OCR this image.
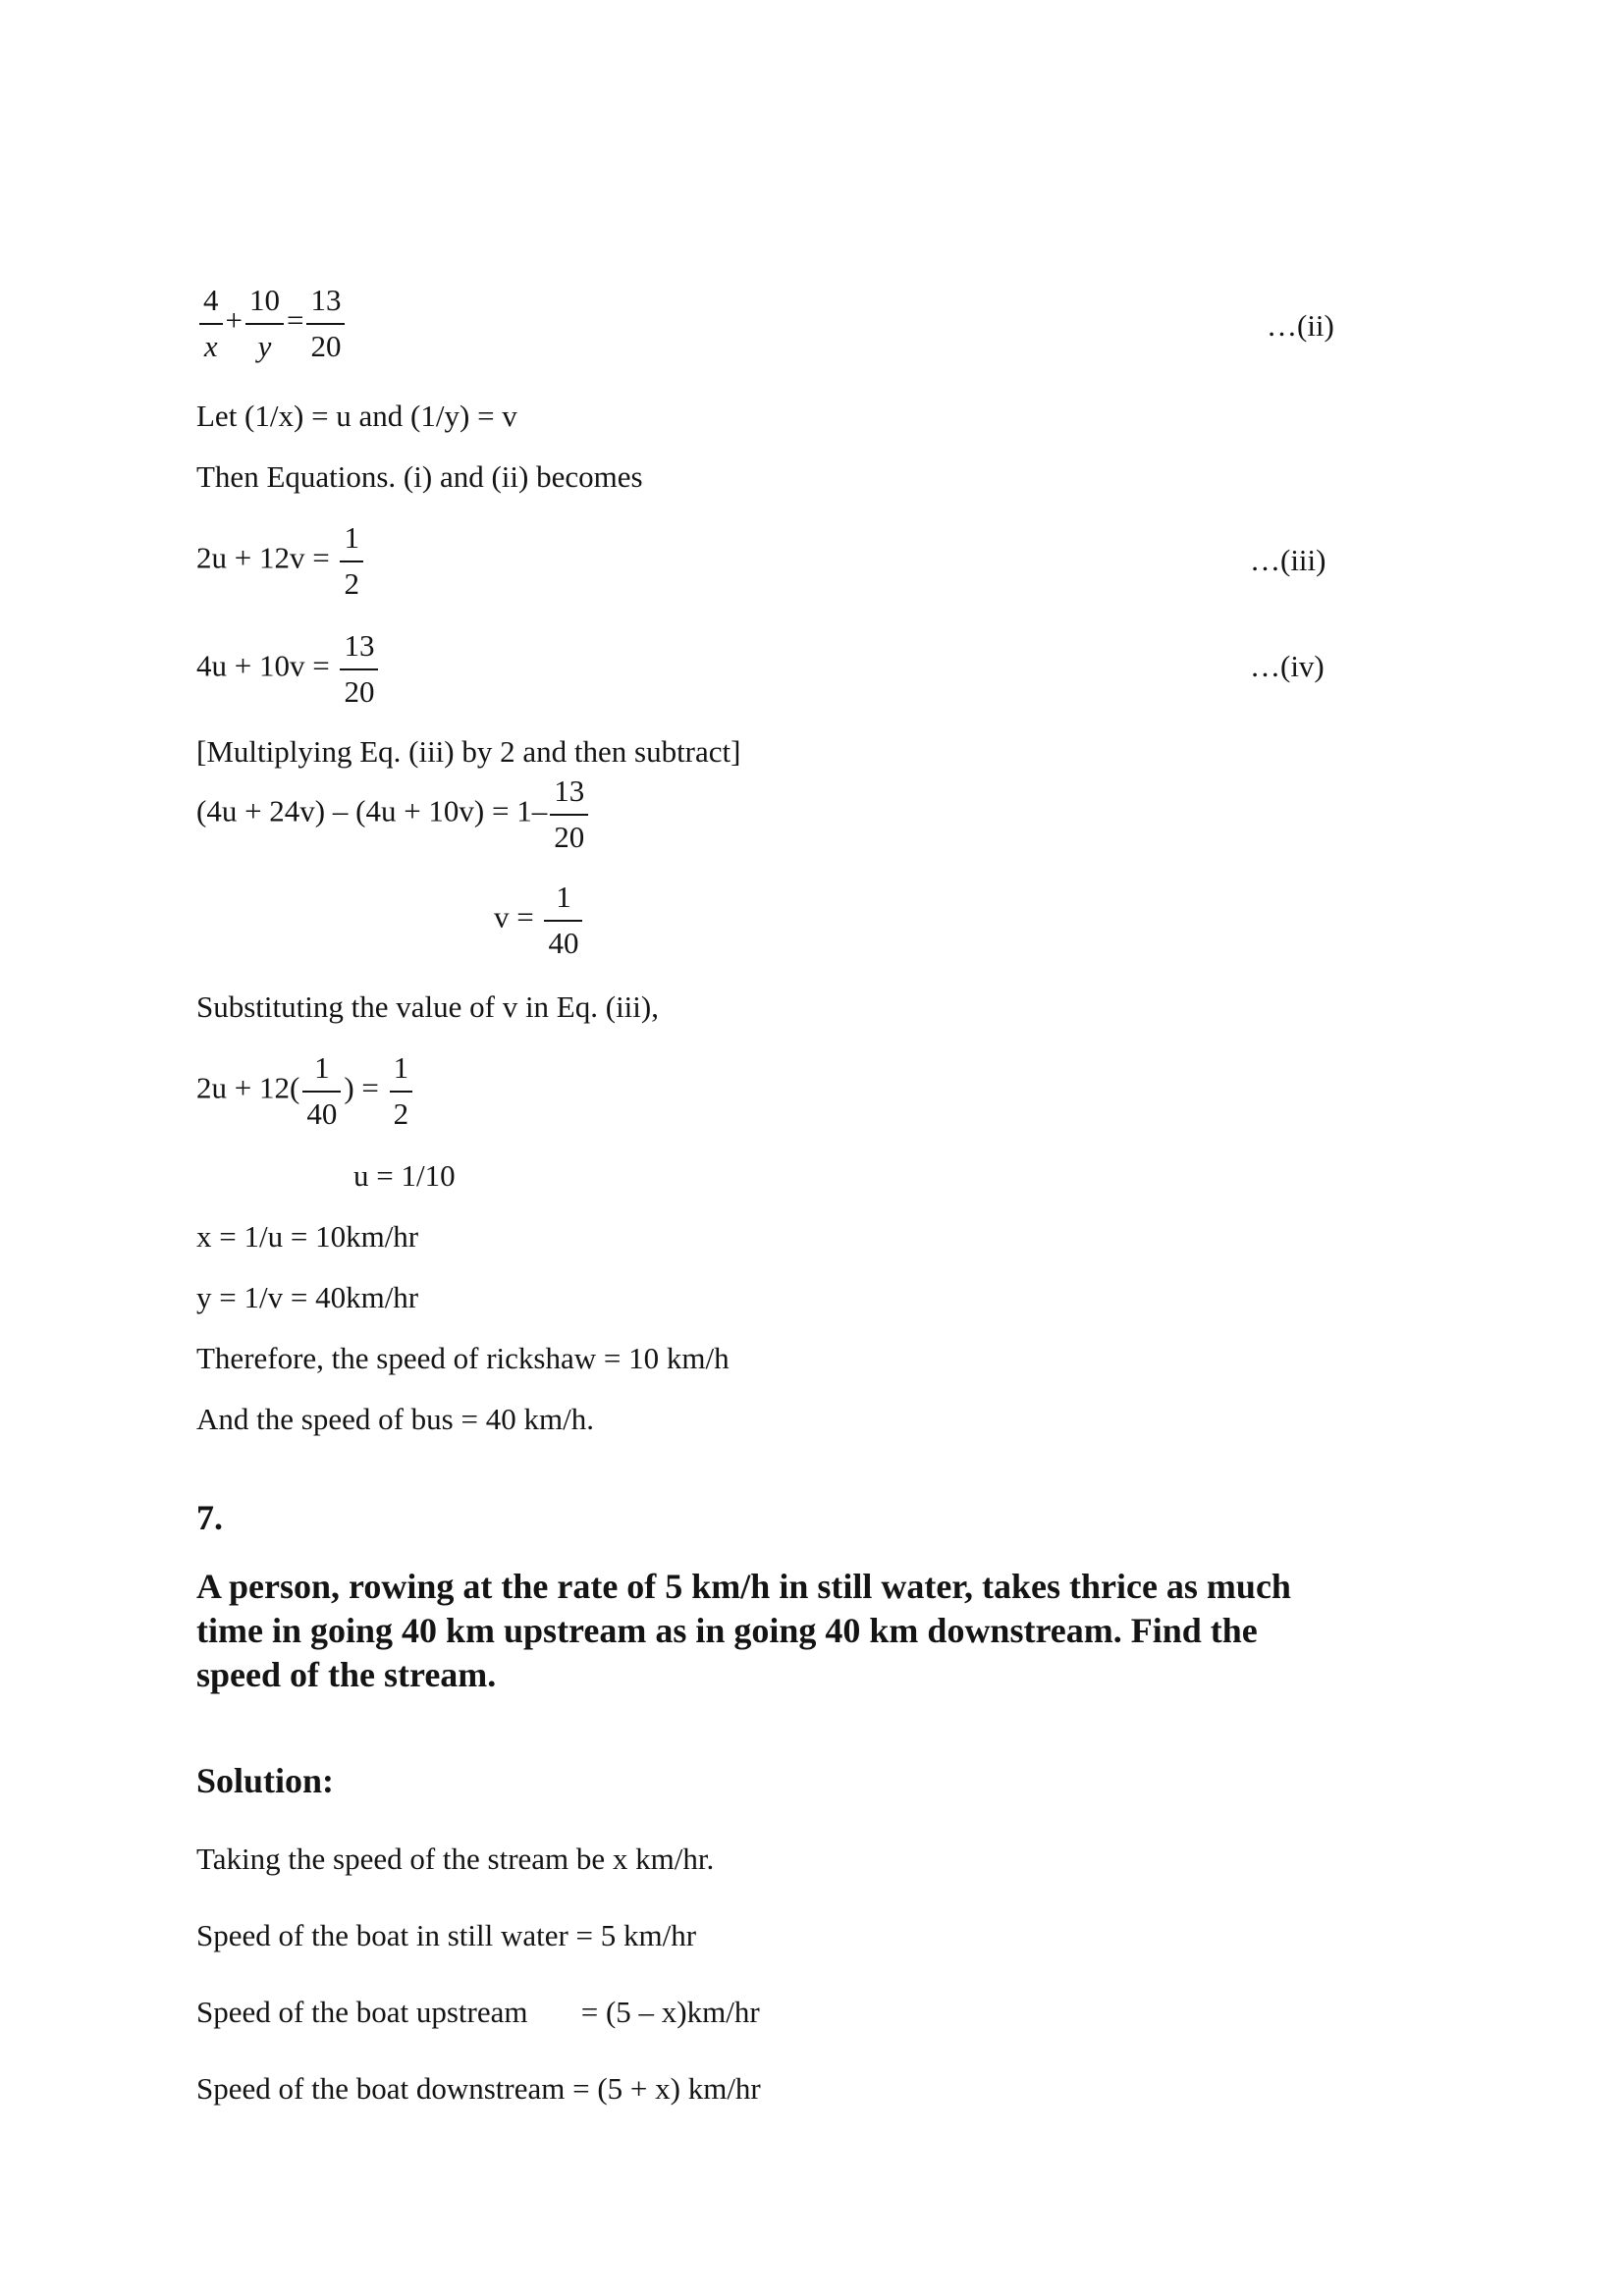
$\frac{4}{x} + \frac{10}{y} = \frac{13}{20}$	…(ii)
Let (1/x) = u and (1/y) = v
Then Equations. (i) and (ii) becomes
$2u + 12v = \frac{1}{2}$	…(iii)
$4u + 10v = \frac{13}{20}$	…(iv)
[Multiplying Eq. (iii) by 2 and then subtract]
$(4u + 24v) - (4u + 10v) = 1- \frac{13}{20}$
$v = \frac{1}{40}$
Substituting the value of v in Eq. (iii),
$2u + 12( \frac{1}{40}$ ) = $\frac{1}{2}$
u = 1/10
x = 1/u = 10km/hr
y = 1/v = 40km/hr
Therefore, the speed of rickshaw = 10 km/h
And the speed of bus = 40 km/h.
7.
A person, rowing at the rate of 5 km/h in still water, takes thrice as much
time in going 40 km upstream as in going 40 km downstream. Find the
speed of the stream.
Solution:
Taking the speed of the stream be x km/hr.
Speed of the boat in still water = 5 km/hr
Speed of the boat upstream       = (5 – x)km/hr
Speed of the boat downstream = (5 + x) km/hr
